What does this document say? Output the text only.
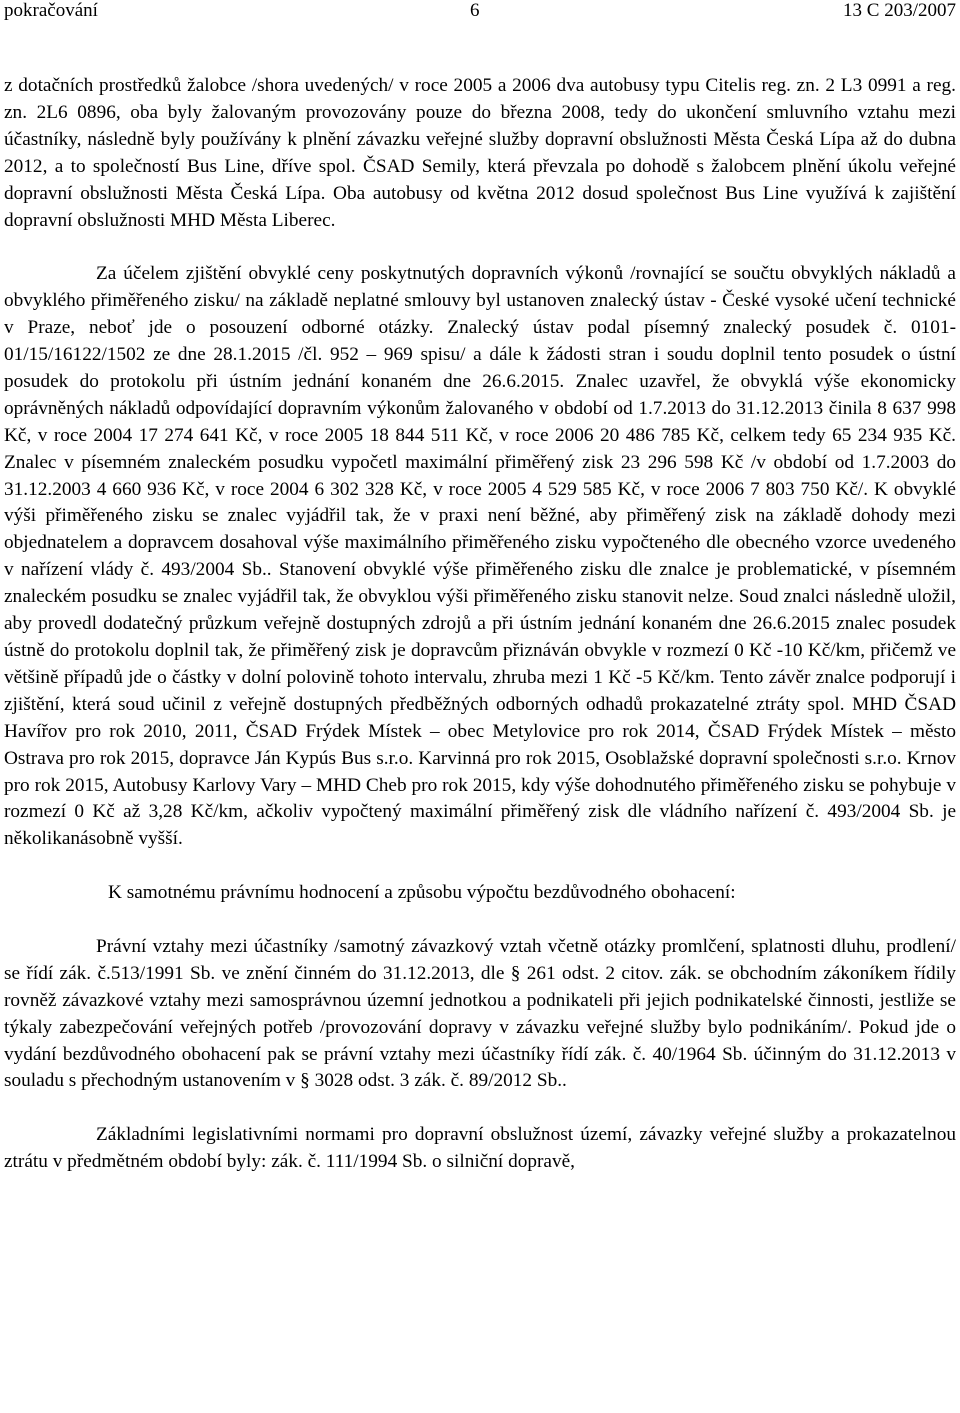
pokračování	6	13 C 203/2007

z dotačních prostředků žalobce /shora uvedených/ v roce 2005 a 2006 dva autobusy typu Citelis reg. zn. 2 L3 0991 a reg. zn. 2L6 0896, oba byly žalovaným provozovány pouze do března 2008, tedy do ukončení smluvního vztahu mezi účastníky, následně byly používány k plnění závazku veřejné služby dopravní obslužnosti Města Česká Lípa až do dubna 2012, a to společností Bus Line, dříve spol. ČSAD Semily, která převzala po dohodě s žalobcem plnění úkolu veřejné dopravní obslužnosti Města Česká Lípa. Oba autobusy od května 2012 dosud společnost Bus Line využívá k zajištění dopravní obslužnosti MHD Města Liberec.

Za účelem zjištění obvyklé ceny poskytnutých dopravních výkonů /rovnající se součtu obvyklých nákladů a obvyklého přiměřeného zisku/ na základě neplatné smlouvy byl ustanoven znalecký ústav - České vysoké učení technické v Praze, neboť jde o posouzení odborné otázky. Znalecký ústav podal písemný znalecký posudek č. 0101-01/15/16122/1502 ze dne 28.1.2015 /čl. 952 – 969 spisu/ a dále k žádosti stran i soudu doplnil tento posudek o ústní posudek do protokolu při ústním jednání konaném dne 26.6.2015. Znalec uzavřel, že obvyklá výše ekonomicky oprávněných nákladů odpovídající dopravním výkonům žalovaného v období od 1.7.2013 do 31.12.2013 činila 8 637 998 Kč, v roce 2004 17 274 641 Kč, v roce 2005 18 844 511 Kč, v roce 2006 20 486 785 Kč, celkem tedy 65 234 935 Kč. Znalec v písemném znaleckém posudku vypočetl maximální přiměřený zisk 23 296 598 Kč /v období od 1.7.2003 do 31.12.2003 4 660 936 Kč, v roce 2004 6 302 328 Kč, v roce 2005 4 529 585 Kč, v roce 2006 7 803 750 Kč/. K obvyklé výši přiměřeného zisku se znalec vyjádřil tak, že v praxi není běžné, aby přiměřený zisk na základě dohody mezi objednatelem a dopravcem dosahoval výše maximálního přiměřeného zisku vypočteného dle obecného vzorce uvedeného v nařízení vlády č. 493/2004 Sb.. Stanovení obvyklé výše přiměřeného zisku dle znalce je problematické, v písemném znaleckém posudku se znalec vyjádřil tak, že obvyklou výši přiměřeného zisku stanovit nelze. Soud znalci následně uložil, aby provedl dodatečný průzkum veřejně dostupných zdrojů a při ústním jednání konaném dne 26.6.2015 znalec posudek ústně do protokolu doplnil tak, že přiměřený zisk je dopravcům přiznáván obvykle v rozmezí 0 Kč -10 Kč/km, přičemž ve většině případů jde o částky v dolní polovině tohoto intervalu, zhruba mezi 1 Kč -5 Kč/km. Tento závěr znalce podporují i zjištění, která soud učinil z veřejně dostupných předběžných odborných odhadů prokazatelné ztráty spol. MHD ČSAD Havířov pro rok 2010, 2011, ČSAD Frýdek Místek – obec Metylovice pro rok 2014, ČSAD Frýdek Místek – město Ostrava pro rok 2015, dopravce Ján Kypús Bus s.r.o. Karvinná pro rok 2015, Osoblažské dopravní společnosti s.r.o. Krnov pro rok 2015, Autobusy Karlovy Vary – MHD Cheb pro rok 2015, kdy výše dohodnutého přiměřeného zisku se pohybuje v rozmezí 0 Kč až 3,28 Kč/km, ačkoliv vypočtený maximální přiměřený zisk dle vládního nařízení č. 493/2004 Sb. je několikanásobně vyšší.

K samotnému právnímu hodnocení a způsobu výpočtu bezdůvodného obohacení:

Právní vztahy mezi účastníky /samotný závazkový vztah včetně otázky promlčení, splatnosti dluhu, prodlení/ se řídí zák. č.513/1991 Sb. ve znění činném do 31.12.2013, dle § 261 odst. 2 citov. zák. se obchodním zákoníkem řídily rovněž závazkové vztahy mezi samosprávnou územní jednotkou a podnikateli při jejich podnikatelské činnosti, jestliže se týkaly zabezpečování veřejných potřeb /provozování dopravy v závazku veřejné služby bylo podnikáním/. Pokud jde o vydání bezdůvodného obohacení pak se právní vztahy mezi účastníky řídí zák. č. 40/1964 Sb. účinným do 31.12.2013 v souladu s přechodným ustanovením v § 3028 odst. 3 zák. č. 89/2012 Sb..

Základními legislativními normami pro dopravní obslužnost území, závazky veřejné služby a prokazatelnou ztrátu v předmětném období byly: zák. č. 111/1994 Sb. o silniční dopravě,
